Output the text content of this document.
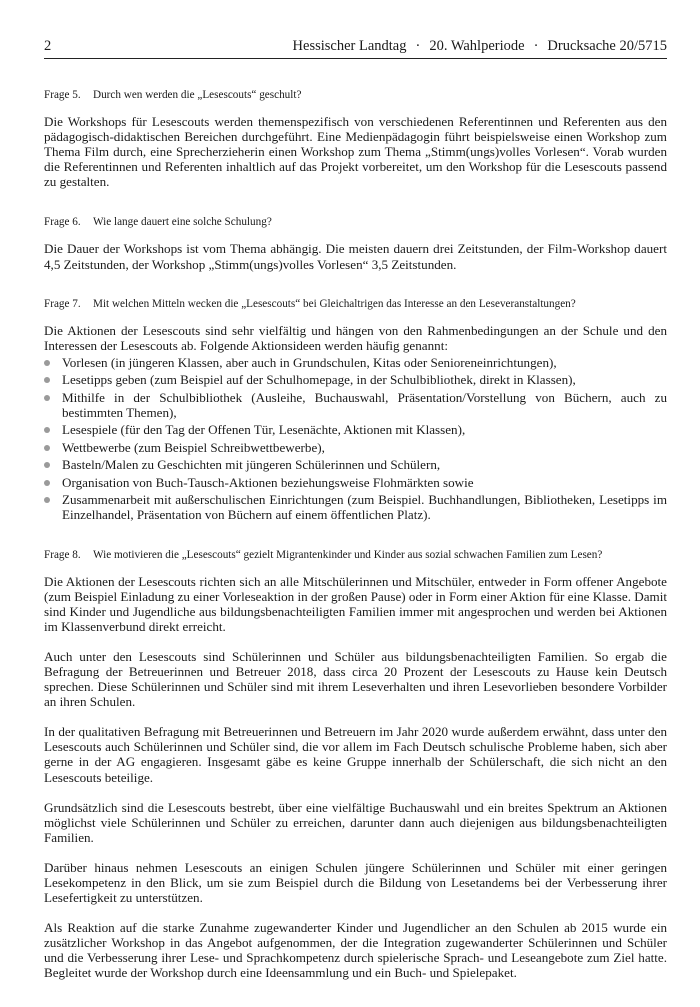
2	Hessischer Landtag · 20. Wahlperiode · Drucksache 20/5715
Frage 5.	Durch wen werden die „Lesescouts“ geschult?

Die Workshops für Lesescouts werden themenspezifisch von verschiedenen Referentinnen und Referenten aus den pädagogisch-didaktischen Bereichen durchgeführt. Eine Medienpädagogin führt beispielsweise einen Workshop zum Thema Film durch, eine Sprecherzieherin einen Workshop zum Thema „Stimm(ungs)volles Vorlesen“. Vorab wurden die Referentinnen und Referenten inhaltlich auf das Projekt vorbereitet, um den Workshop für die Lesescouts passend zu gestalten.

Frage 6.	Wie lange dauert eine solche Schulung?

Die Dauer der Workshops ist vom Thema abhängig. Die meisten dauern drei Zeitstunden, der Film-Workshop dauert 4,5 Zeitstunden, der Workshop „Stimm(ungs)volles Vorlesen“ 3,5 Zeitstunden.

Frage 7.	Mit welchen Mitteln wecken die „Lesescouts“ bei Gleichaltrigen das Interesse an den Leseveranstaltungen?

Die Aktionen der Lesescouts sind sehr vielfältig und hängen von den Rahmenbedingungen an der Schule und den Interessen der Lesescouts ab. Folgende Aktionsideen werden häufig genannt:

Vorlesen (in jüngeren Klassen, aber auch in Grundschulen, Kitas oder Senioreneinrichtungen),
Lesetipps geben (zum Beispiel auf der Schulhomepage, in der Schulbibliothek, direkt in Klassen),
Mithilfe in der Schulbibliothek (Ausleihe, Buchauswahl, Präsentation/Vorstellung von Büchern, auch zu bestimmten Themen),
Lesespiele (für den Tag der Offenen Tür, Lesenächte, Aktionen mit Klassen),
Wettbewerbe (zum Beispiel Schreibwettbewerbe),
Basteln/Malen zu Geschichten mit jüngeren Schülerinnen und Schülern,
Organisation von Buch-Tausch-Aktionen beziehungsweise Flohmärkten sowie
Zusammenarbeit mit außerschulischen Einrichtungen (zum Beispiel. Buchhandlungen, Bibliotheken, Lesetipps im Einzelhandel, Präsentation von Büchern auf einem öffentlichen Platz).
Frage 8.	Wie motivieren die „Lesescouts“ gezielt Migrantenkinder und Kinder aus sozial schwachen Familien zum Lesen?

Die Aktionen der Lesescouts richten sich an alle Mitschülerinnen und Mitschüler, entweder in Form offener Angebote (zum Beispiel Einladung zu einer Vorleseaktion in der großen Pause) oder in Form einer Aktion für eine Klasse. Damit sind Kinder und Jugendliche aus bildungsbenachteiligten Familien immer mit angesprochen und werden bei Aktionen im Klassenverbund direkt erreicht.

Auch unter den Lesescouts sind Schülerinnen und Schüler aus bildungsbenachteiligten Familien. So ergab die Befragung der Betreuerinnen und Betreuer 2018, dass circa 20 Prozent der Lesescouts zu Hause kein Deutsch sprechen. Diese Schülerinnen und Schüler sind mit ihrem Leseverhalten und ihren Lesevorlieben besondere Vorbilder an ihren Schulen.

In der qualitativen Befragung mit Betreuerinnen und Betreuern im Jahr 2020 wurde außerdem erwähnt, dass unter den Lesescouts auch Schülerinnen und Schüler sind, die vor allem im Fach Deutsch schulische Probleme haben, sich aber gerne in der AG engagieren. Insgesamt gäbe es keine Gruppe innerhalb der Schülerschaft, die sich nicht an den Lesescouts beteilige.

Grundsätzlich sind die Lesescouts bestrebt, über eine vielfältige Buchauswahl und ein breites Spektrum an Aktionen möglichst viele Schülerinnen und Schüler zu erreichen, darunter dann auch diejenigen aus bildungsbenachteiligten Familien.

Darüber hinaus nehmen Lesescouts an einigen Schulen jüngere Schülerinnen und Schüler mit einer geringen Lesekompetenz in den Blick, um sie zum Beispiel durch die Bildung von Lesetandems bei der Verbesserung ihrer Lesefertigkeit zu unterstützen.

Als Reaktion auf die starke Zunahme zugewanderter Kinder und Jugendlicher an den Schulen ab 2015 wurde ein zusätzlicher Workshop in das Angebot aufgenommen, der die Integration zugewanderter Schülerinnen und Schüler und die Verbesserung ihrer Lese- und Sprachkompetenz durch spielerische Sprach- und Leseangebote zum Ziel hatte. Begleitet wurde der Workshop durch eine Ideensammlung und ein Buch- und Spielepaket.
